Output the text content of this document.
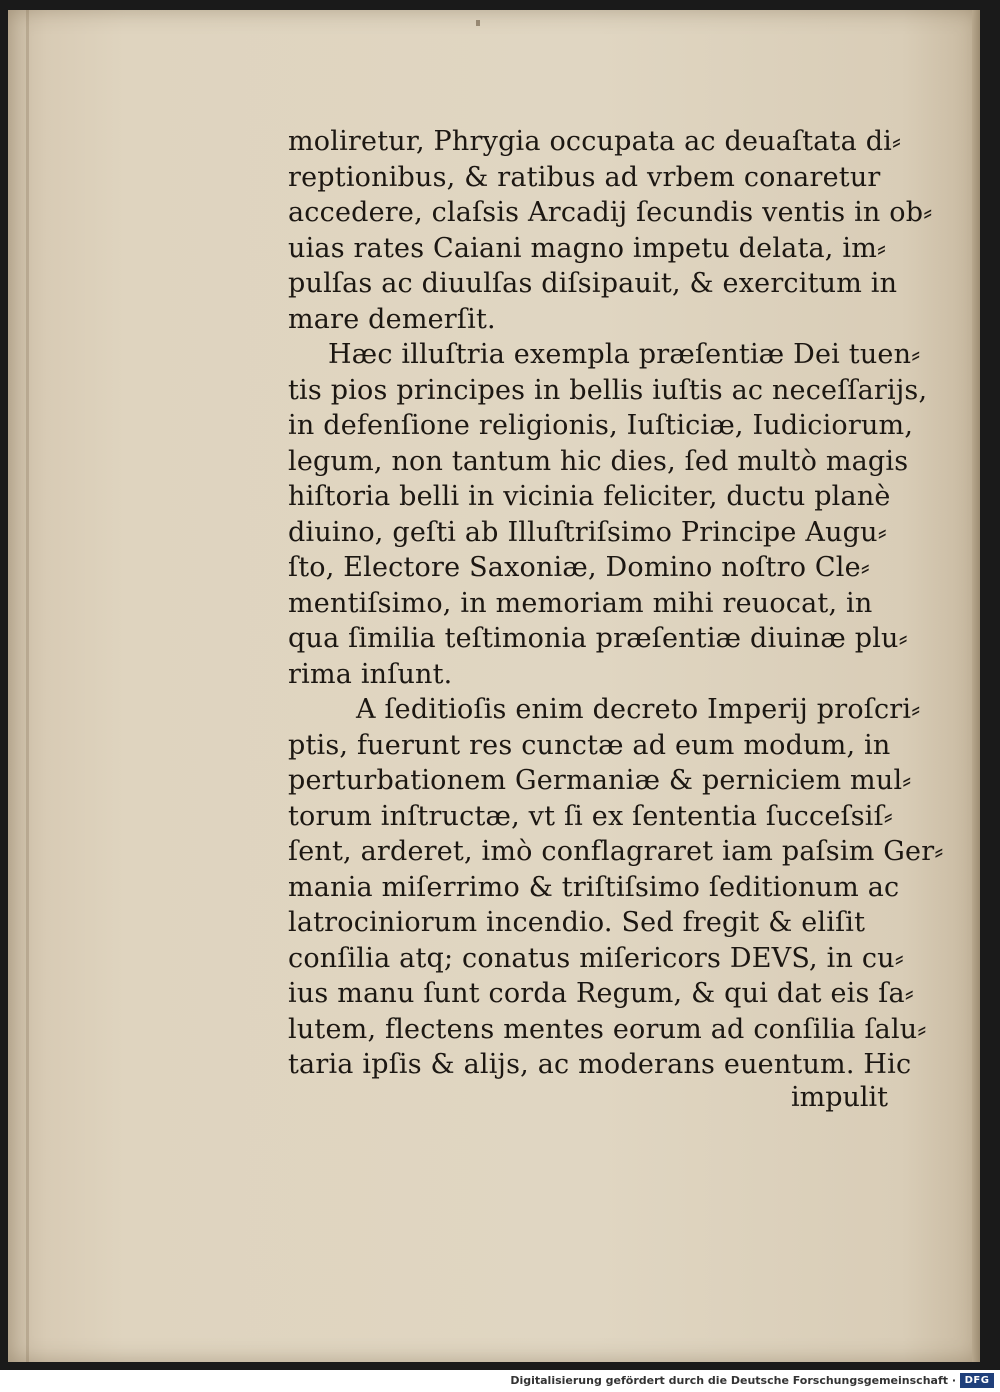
moliretur, Phrygia occupata ac deuaſtata di⸗
reptionibus, & ratibus ad vrbem conaretur
accedere, claſsis Arcadij ſecundis ventis in ob⸗
uias rates Caiani magno impetu delata, im⸗
pulſas ac diuulſas diſsipauit, & exercitum in
mare demerſit.
Hæc illuſtria exempla præſentiæ Dei tuen⸗
tis pios principes in bellis iuſtis ac neceſſarijs,
in defenſione religionis, Iuſticiæ, Iudiciorum,
legum, non tantum hic dies, ſed multò magis
hiſtoria belli in vicinia feliciter, ductu planè
diuino, geſti ab Illuſtriſsimo Principe Augu⸗
ſto, Electore Saxoniæ, Domino noſtro Cle⸗
mentiſsimo, in memoriam mihi reuocat, in
qua ſimilia teſtimonia præſentiæ diuinæ plu⸗
rima inſunt.
A ſeditioſis enim decreto Imperij proſcri⸗
ptis, fuerunt res cunctæ ad eum modum, in
perturbationem Germaniæ & perniciem mul⸗
torum inſtructæ, vt ſi ex ſententia ſucceſsiſ⸗
ſent, arderet, imò conflagraret iam paſsim Ger⸗
mania miſerrimo & triſtiſsimo ſeditionum ac
latrociniorum incendio. Sed fregit & eliſit
conſilia atq; conatus miſericors DEVS, in cu⸗
ius manu ſunt corda Regum, & qui dat eis ſa⸗
lutem, flectens mentes eorum ad conſilia ſalu⸗
taria ipſis & alijs, ac moderans euentum. Hic
impulit
Digitalisierung gefördert durch die Deutsche Forschungsgemeinschaft · DFG
